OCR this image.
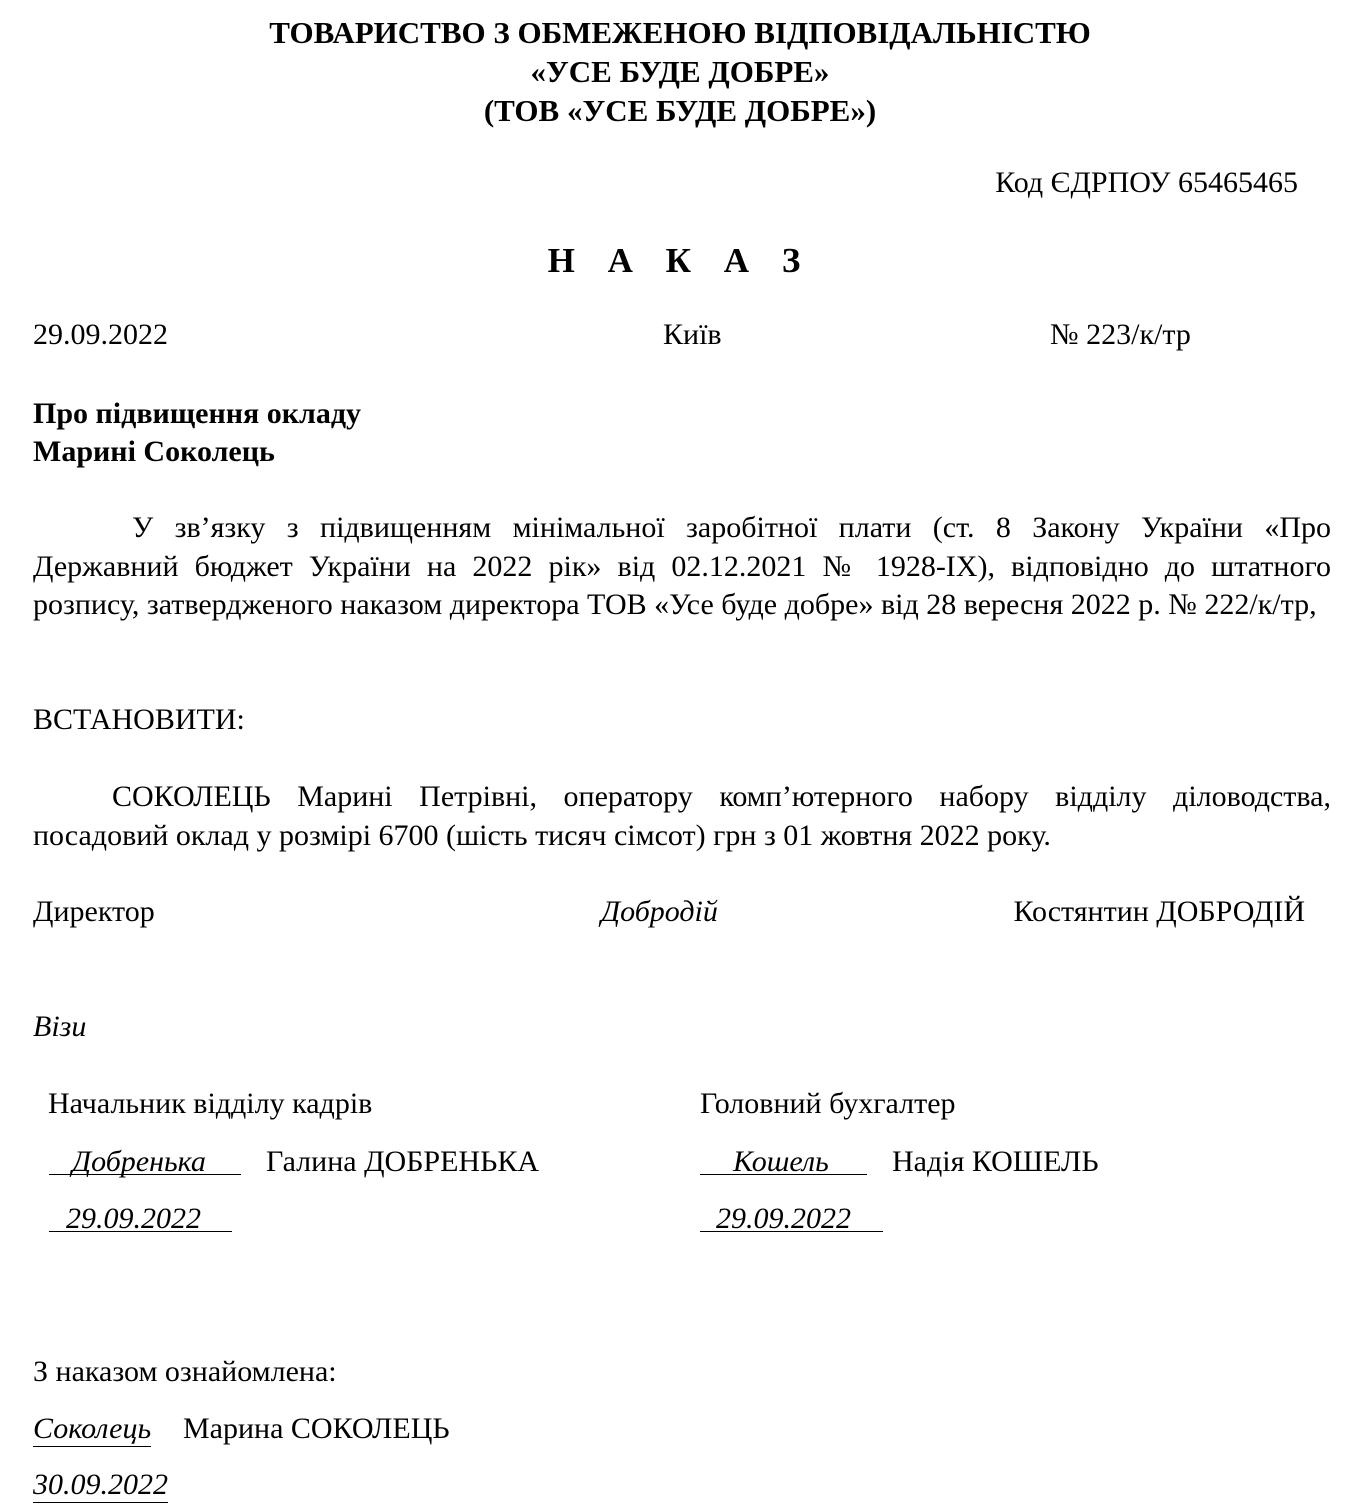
ТОВАРИСТВО З ОБМЕЖЕНОЮ ВІДПОВІДАЛЬНІСТЮ
«УСЕ БУДЕ ДОБРЕ»
(ТОВ «УСЕ БУДЕ ДОБРЕ»)
Код ЄДРПОУ 65465465
Н А К А З
29.09.2022	Київ	№ 223/к/тр
Про підвищення окладу
Марині Соколець
У зв’язку з підвищенням мінімальної заробітної плати (ст. 8 Закону України «Про Державний бюджет України на 2022 рік» від 02.12.2021 № 1928-IX), відповідно до штатного розпису, затвердженого наказом директора ТОВ «Усе буде добре» від 28 вересня 2022 р. № 222/к/тр,
ВСТАНОВИТИ:
СОКОЛЕЦЬ Марині Петрівні, оператору комп’ютерного набору відділу діловодства, посадовий оклад у розмірі 6700 (шість тисяч сімсот) грн з 01 жовтня 2022 року.
Директор	Добродій	Костянтин ДОБРОДІЙ
Візи
Начальник відділу кадрів
Добренька Галина ДОБРЕНЬКА
29.09.2022
Головний бухгалтер
Кошель Надія КОШЕЛЬ
29.09.2022
З наказом ознайомлена:
Соколець Марина СОКОЛЕЦЬ
30.09.2022
